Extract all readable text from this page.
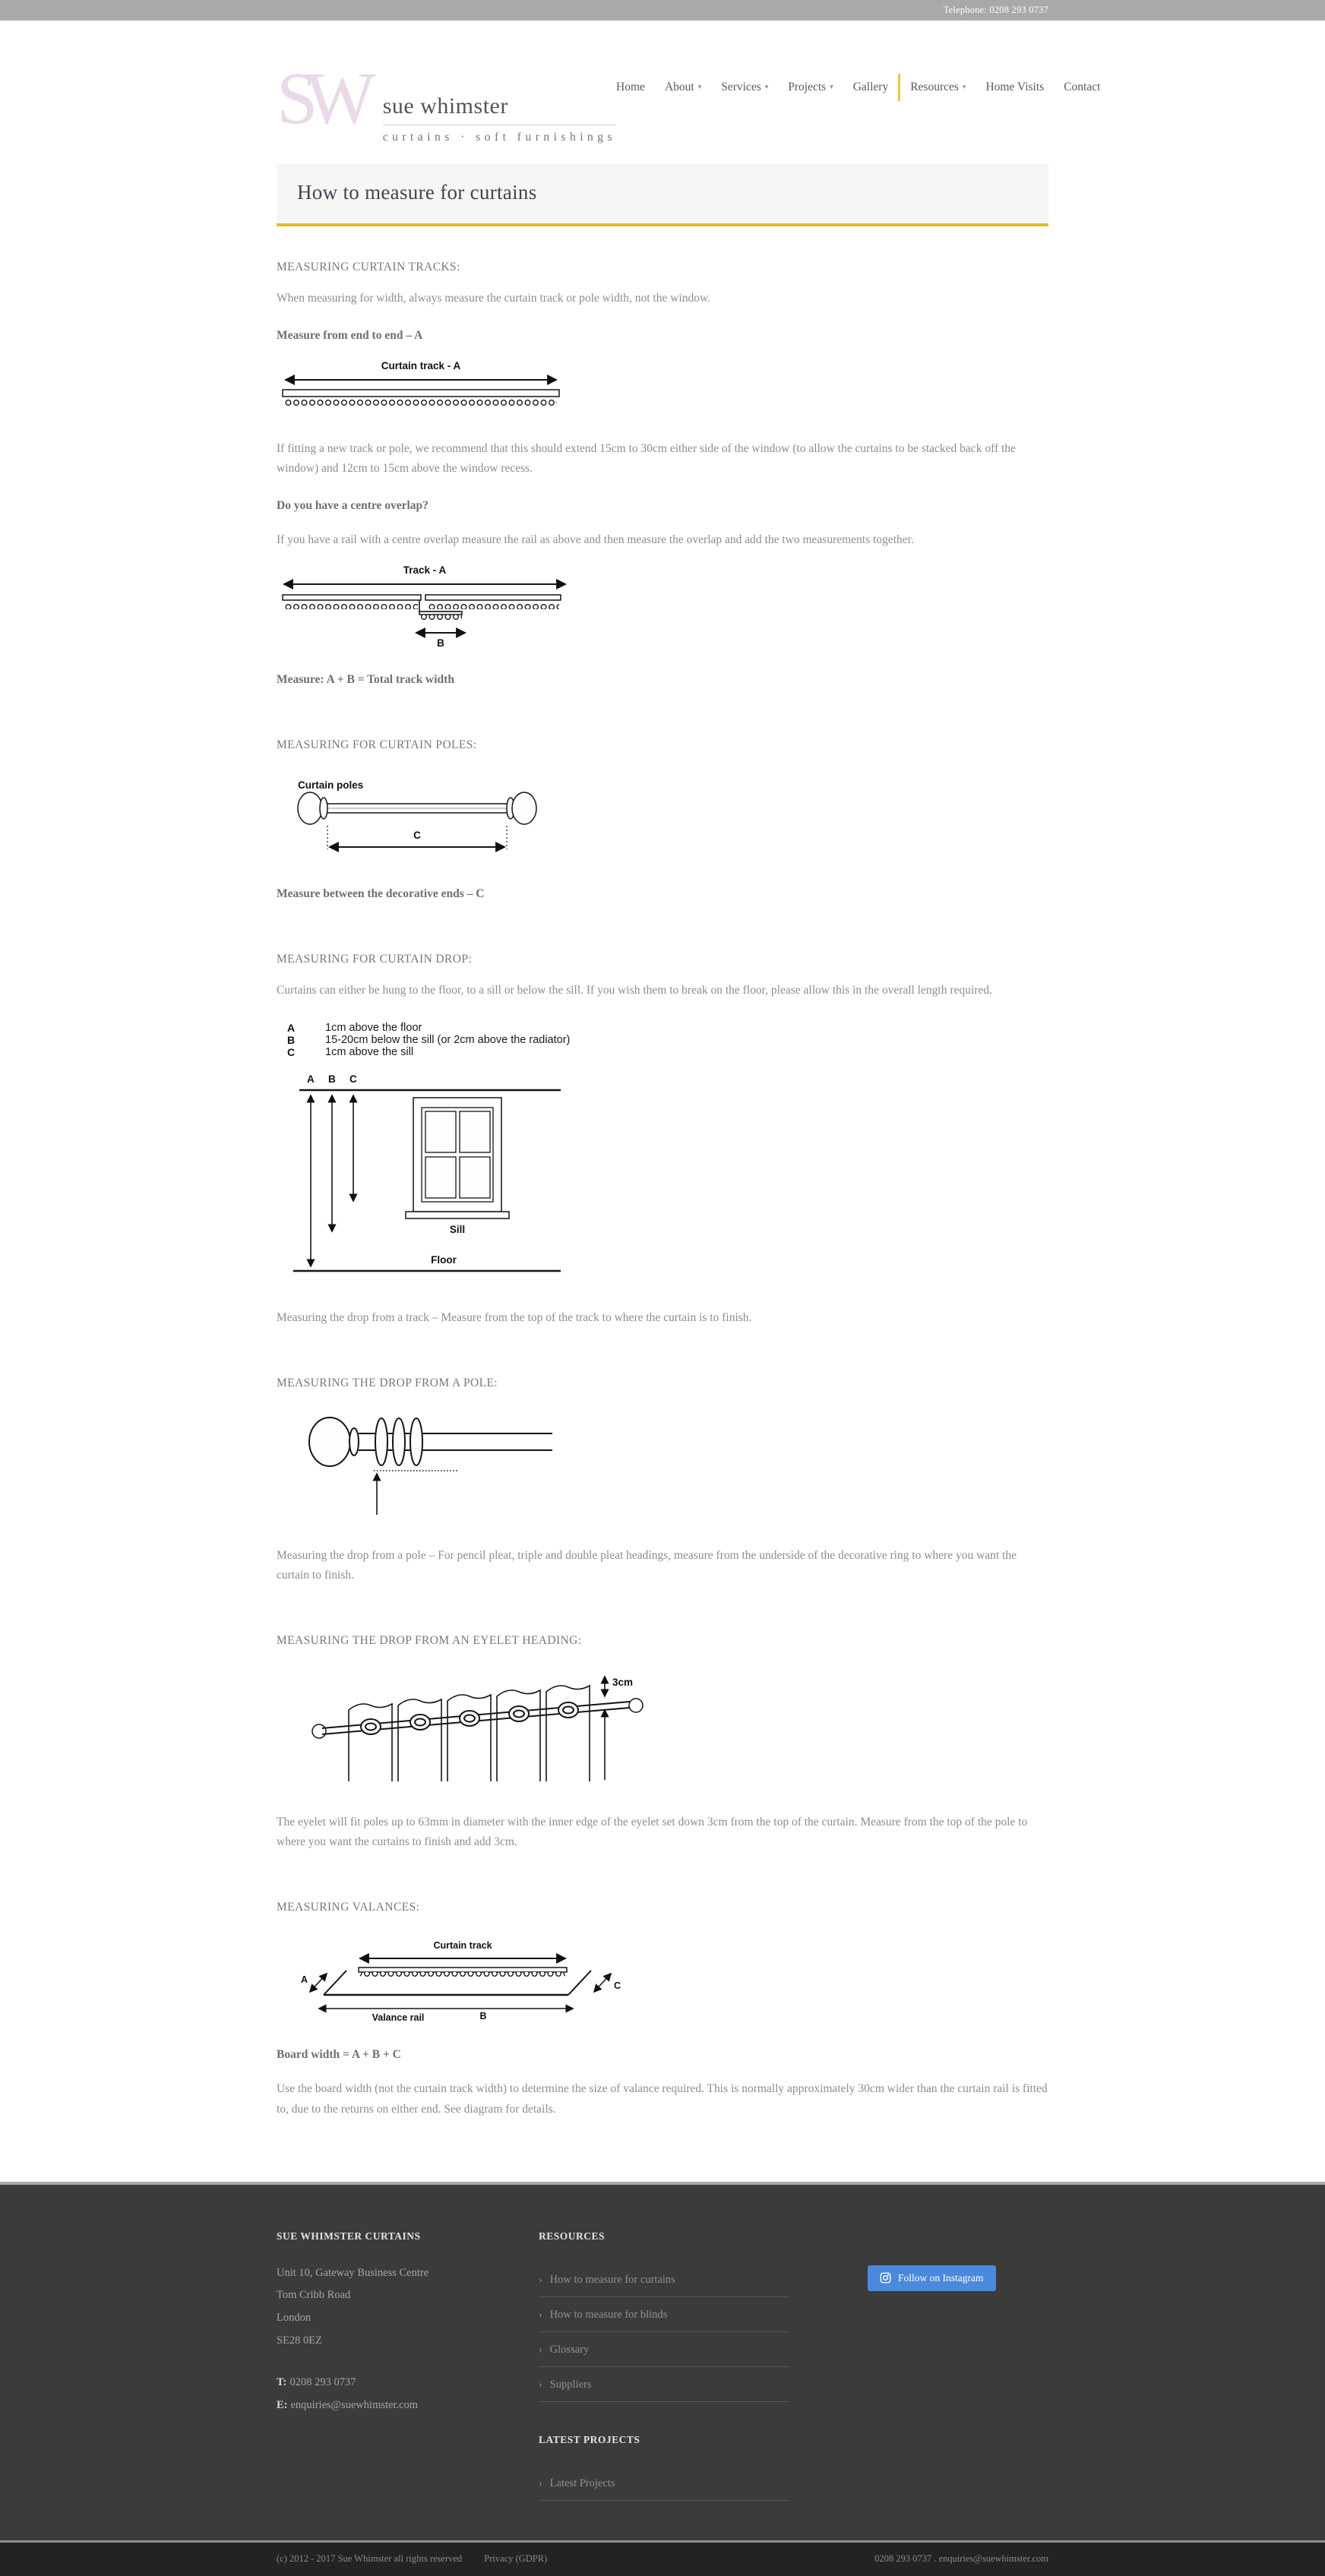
Telephone: 0208 293 0737
SW sue whimster
curtains · soft furnishings
Home About ▾ Services ▾ Projects ▾ Gallery Resources ▾ Home Visits Contact
How to measure for curtains
MEASURING CURTAIN TRACKS:

When measuring for width, always measure the curtain track or pole width, not the window.

Measure from end to end – A

Curtain track - A

If fitting a new track or pole, we recommend that this should extend 15cm to 30cm either side of the window (to allow the curtains to be stacked back off the window) and 12cm to 15cm above the window recess.

Do you have a centre overlap?

If you have a rail with a centre overlap measure the rail as above and then measure the overlap and add the two measurements together.

Track - A
B

Measure: A + B = Total track width

MEASURING FOR CURTAIN POLES:
Curtain poles
C

Measure between the decorative ends – C

MEASURING FOR CURTAIN DROP:

Curtains can either be hung to the floor, to a sill or below the sill. If you wish them to break on the floor, please allow this in the overall length required.

A	1cm above the floor
B	15-20cm below the sill (or 2cm above the radiator)
C	1cm above the sill
A B C
Sill
Floor

Measuring the drop from a track – Measure from the top of the track to where the curtain is to finish.

MEASURING THE DROP FROM A POLE:

Measuring the drop from a pole – For pencil pleat, triple and double pleat headings, measure from the underside of the decorative ring to where you want the curtain to finish.

MEASURING THE DROP FROM AN EYELET HEADING:
3cm

The eyelet will fit poles up to 63mm in diameter with the inner edge of the eyelet set down 3cm from the top of the curtain. Measure from the top of the pole to where you want the curtains to finish and add 3cm.

MEASURING VALANCES:
Curtain track
A
C
Valance rail	B

Board width = A + B + C

Use the board width (not the curtain track width) to determine the size of valance required. This is normally approximately 30cm wider than the curtain rail is fitted to, due to the returns on either end. See diagram for details.

SUE WHIMSTER CURTAINS
Unit 10, Gateway Business Centre
Tom Cribb Road
London
SE28 0EZ
T: 0208 293 0737
E: enquiries@suewhimster.com
RESOURCES
› How to measure for curtains
› How to measure for blinds
› Glossary
› Suppliers
LATEST PROJECTS
› Latest Projects
Follow on Instagram
(c) 2012 - 2017 Sue Whimster all rights reserved Privacy (GDPR)	0208 293 0737 . enquiries@suewhimster.com
